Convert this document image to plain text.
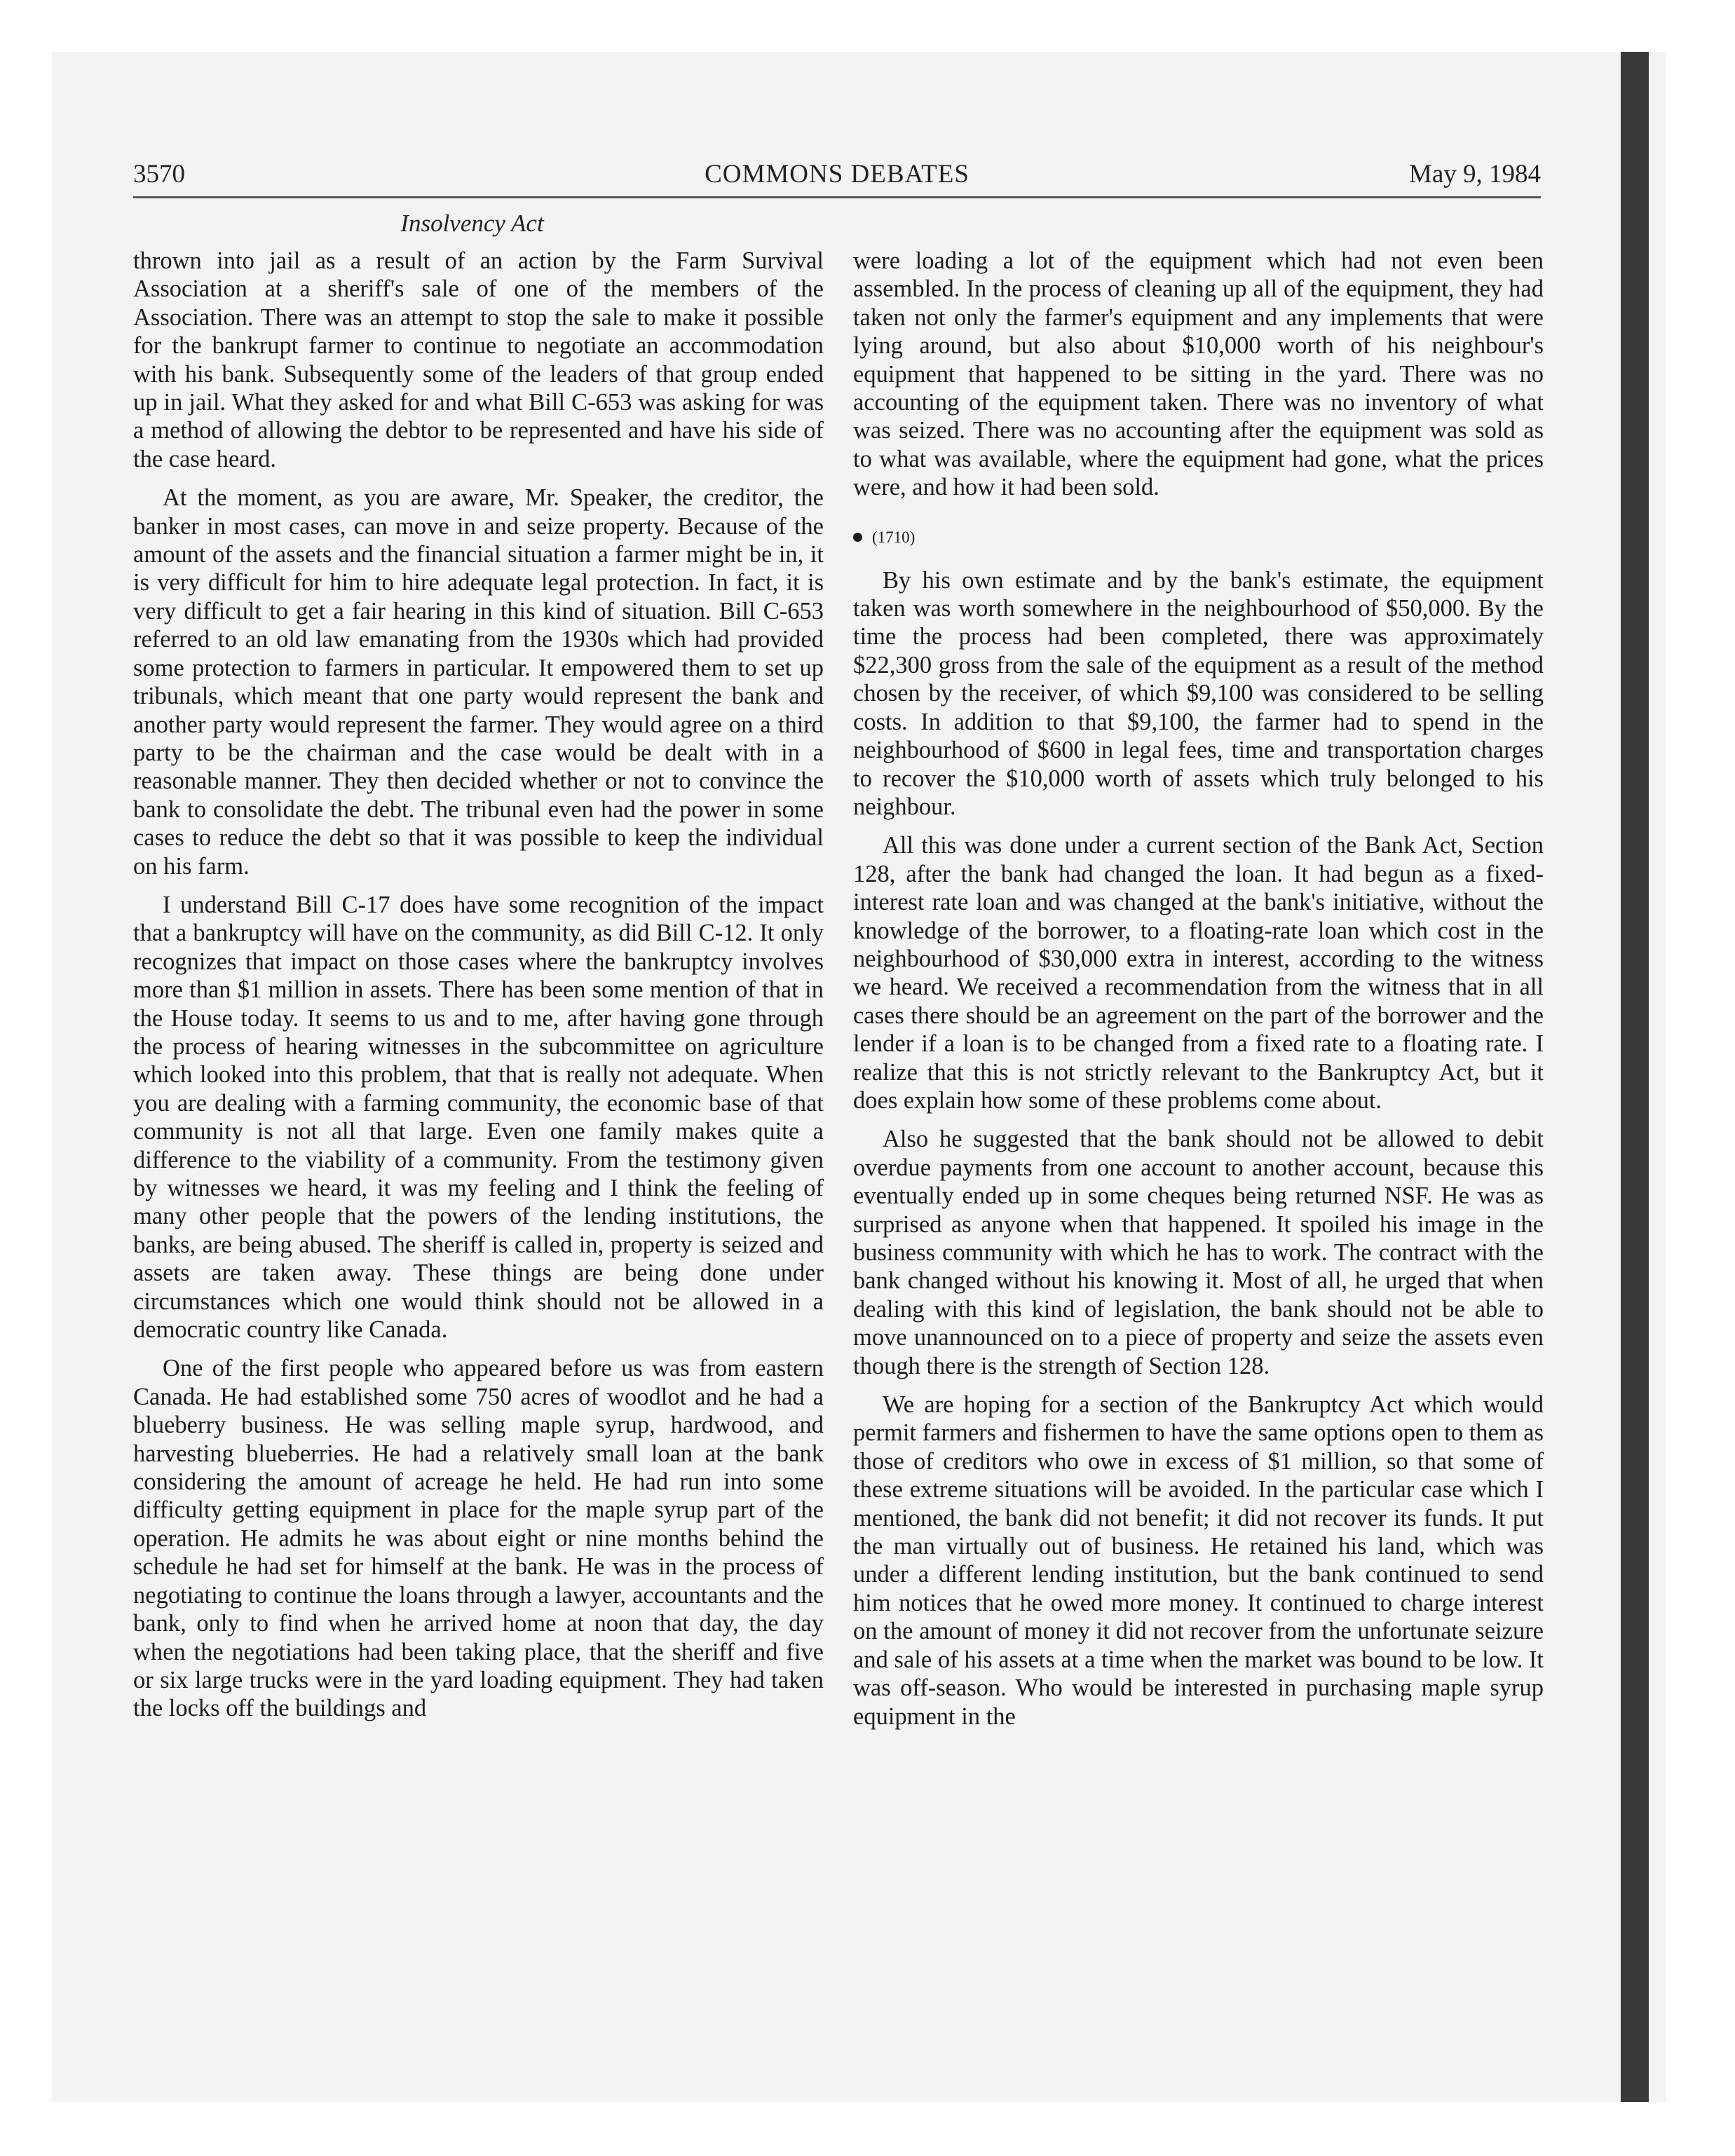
3570	COMMONS DEBATES	May 9, 1984
Insolvency Act

thrown into jail as a result of an action by the Farm Survival Association at a sheriff's sale of one of the members of the Association. There was an attempt to stop the sale to make it possible for the bankrupt farmer to continue to negotiate an accommodation with his bank. Subsequently some of the leaders of that group ended up in jail. What they asked for and what Bill C-653 was asking for was a method of allowing the debtor to be represented and have his side of the case heard.

At the moment, as you are aware, Mr. Speaker, the creditor, the banker in most cases, can move in and seize property. Because of the amount of the assets and the financial situation a farmer might be in, it is very difficult for him to hire adequate legal protection. In fact, it is very difficult to get a fair hearing in this kind of situation. Bill C-653 referred to an old law emanating from the 1930s which had provided some protection to farmers in particular. It empowered them to set up tribunals, which meant that one party would represent the bank and another party would represent the farmer. They would agree on a third party to be the chairman and the case would be dealt with in a reasonable manner. They then decided whether or not to convince the bank to consolidate the debt. The tribunal even had the power in some cases to reduce the debt so that it was possible to keep the individual on his farm.

I understand Bill C-17 does have some recognition of the impact that a bankruptcy will have on the community, as did Bill C-12. It only recognizes that impact on those cases where the bankruptcy involves more than $1 million in assets. There has been some mention of that in the House today. It seems to us and to me, after having gone through the process of hearing witnesses in the subcommittee on agriculture which looked into this problem, that that is really not adequate. When you are dealing with a farming community, the economic base of that community is not all that large. Even one family makes quite a difference to the viability of a community. From the testimony given by witnesses we heard, it was my feeling and I think the feeling of many other people that the powers of the lending institutions, the banks, are being abused. The sheriff is called in, property is seized and assets are taken away. These things are being done under circumstances which one would think should not be allowed in a democratic country like Canada.

One of the first people who appeared before us was from eastern Canada. He had established some 750 acres of woodlot and he had a blueberry business. He was selling maple syrup, hardwood, and harvesting blueberries. He had a relatively small loan at the bank considering the amount of acreage he held. He had run into some difficulty getting equipment in place for the maple syrup part of the operation. He admits he was about eight or nine months behind the schedule he had set for himself at the bank. He was in the process of negotiating to continue the loans through a lawyer, accountants and the bank, only to find when he arrived home at noon that day, the day when the negotiations had been taking place, that the sheriff and five or six large trucks were in the yard loading equipment. They had taken the locks off the buildings and

were loading a lot of the equipment which had not even been assembled. In the process of cleaning up all of the equipment, they had taken not only the farmer's equipment and any implements that were lying around, but also about $10,000 worth of his neighbour's equipment that happened to be sitting in the yard. There was no accounting of the equipment taken. There was no inventory of what was seized. There was no accounting after the equipment was sold as to what was available, where the equipment had gone, what the prices were, and how it had been sold.

(1710)

By his own estimate and by the bank's estimate, the equipment taken was worth somewhere in the neighbourhood of $50,000. By the time the process had been completed, there was approximately $22,300 gross from the sale of the equipment as a result of the method chosen by the receiver, of which $9,100 was considered to be selling costs. In addition to that $9,100, the farmer had to spend in the neighbourhood of $600 in legal fees, time and transportation charges to recover the $10,000 worth of assets which truly belonged to his neighbour.

All this was done under a current section of the Bank Act, Section 128, after the bank had changed the loan. It had begun as a fixed-interest rate loan and was changed at the bank's initiative, without the knowledge of the borrower, to a floating-rate loan which cost in the neighbourhood of $30,000 extra in interest, according to the witness we heard. We received a recommendation from the witness that in all cases there should be an agreement on the part of the borrower and the lender if a loan is to be changed from a fixed rate to a floating rate. I realize that this is not strictly relevant to the Bankruptcy Act, but it does explain how some of these problems come about.

Also he suggested that the bank should not be allowed to debit overdue payments from one account to another account, because this eventually ended up in some cheques being returned NSF. He was as surprised as anyone when that happened. It spoiled his image in the business community with which he has to work. The contract with the bank changed without his knowing it. Most of all, he urged that when dealing with this kind of legislation, the bank should not be able to move unannounced on to a piece of property and seize the assets even though there is the strength of Section 128.

We are hoping for a section of the Bankruptcy Act which would permit farmers and fishermen to have the same options open to them as those of creditors who owe in excess of $1 million, so that some of these extreme situations will be avoided. In the particular case which I mentioned, the bank did not benefit; it did not recover its funds. It put the man virtually out of business. He retained his land, which was under a different lending institution, but the bank continued to send him notices that he owed more money. It continued to charge interest on the amount of money it did not recover from the unfortunate seizure and sale of his assets at a time when the market was bound to be low. It was off-season. Who would be interested in purchasing maple syrup equipment in the
